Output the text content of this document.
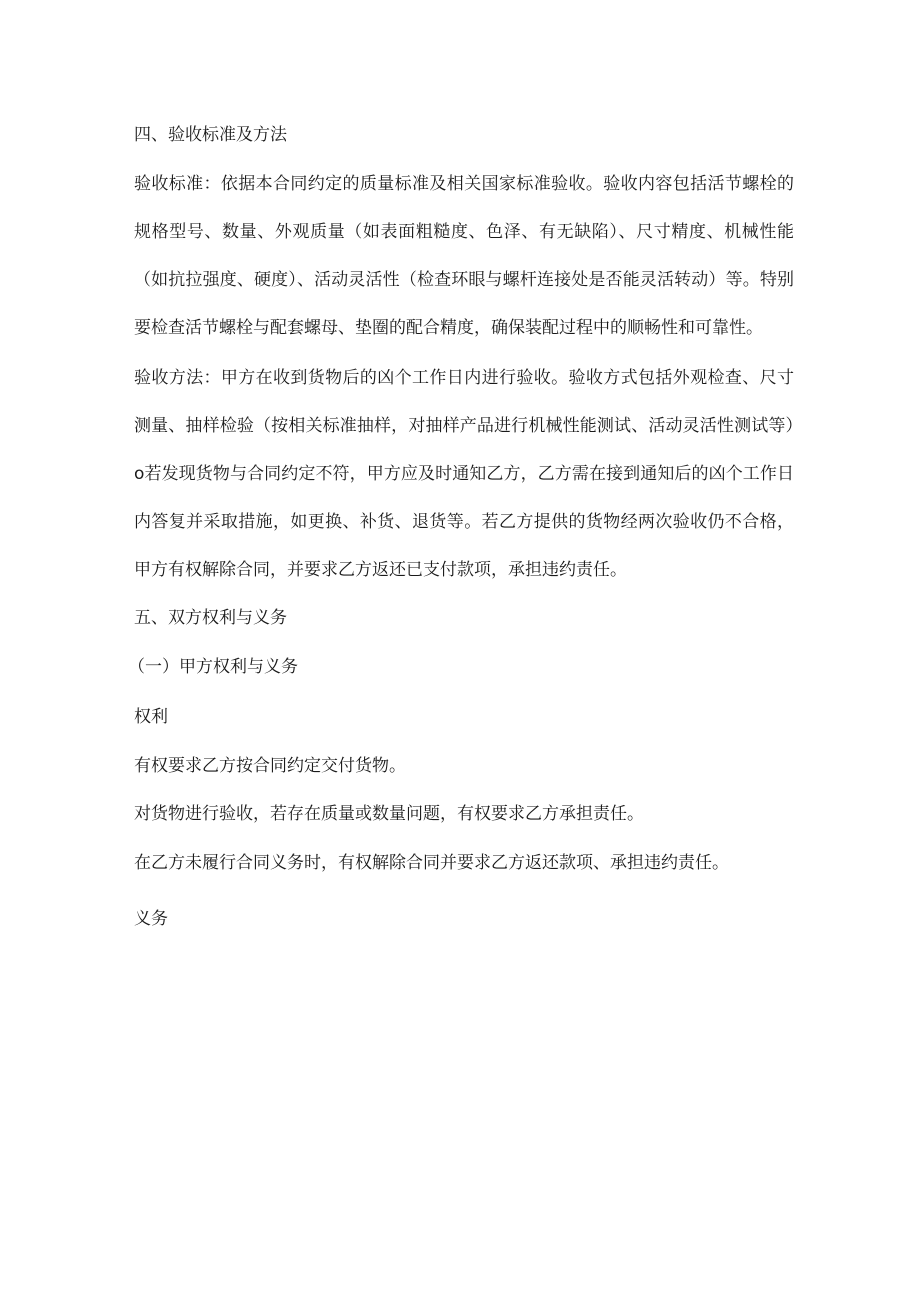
四、验收标准及方法
验收标准：依据本合同约定的质量标准及相关国家标准验收。验收内容包括活节螺栓的规格型号、数量、外观质量（如表面粗糙度、色泽、有无缺陷）、尺寸精度、机械性能（如抗拉强度、硬度）、活动灵活性（检查环眼与螺杆连接处是否能灵活转动）等。特别要检查活节螺栓与配套螺母、垫圈的配合精度，确保装配过程中的顺畅性和可靠性。
验收方法：甲方在收到货物后的凶个工作日内进行验收。验收方式包括外观检查、尺寸测量、抽样检验（按相关标准抽样，对抽样产品进行机械性能测试、活动灵活性测试等）o若发现货物与合同约定不符，甲方应及时通知乙方，乙方需在接到通知后的凶个工作日内答复并采取措施，如更换、补货、退货等。若乙方提供的货物经两次验收仍不合格，甲方有权解除合同，并要求乙方返还已支付款项，承担违约责任。
五、双方权利与义务
（一）甲方权利与义务
权利
有权要求乙方按合同约定交付货物。
对货物进行验收，若存在质量或数量问题，有权要求乙方承担责任。
在乙方未履行合同义务时，有权解除合同并要求乙方返还款项、承担违约责任。
义务
